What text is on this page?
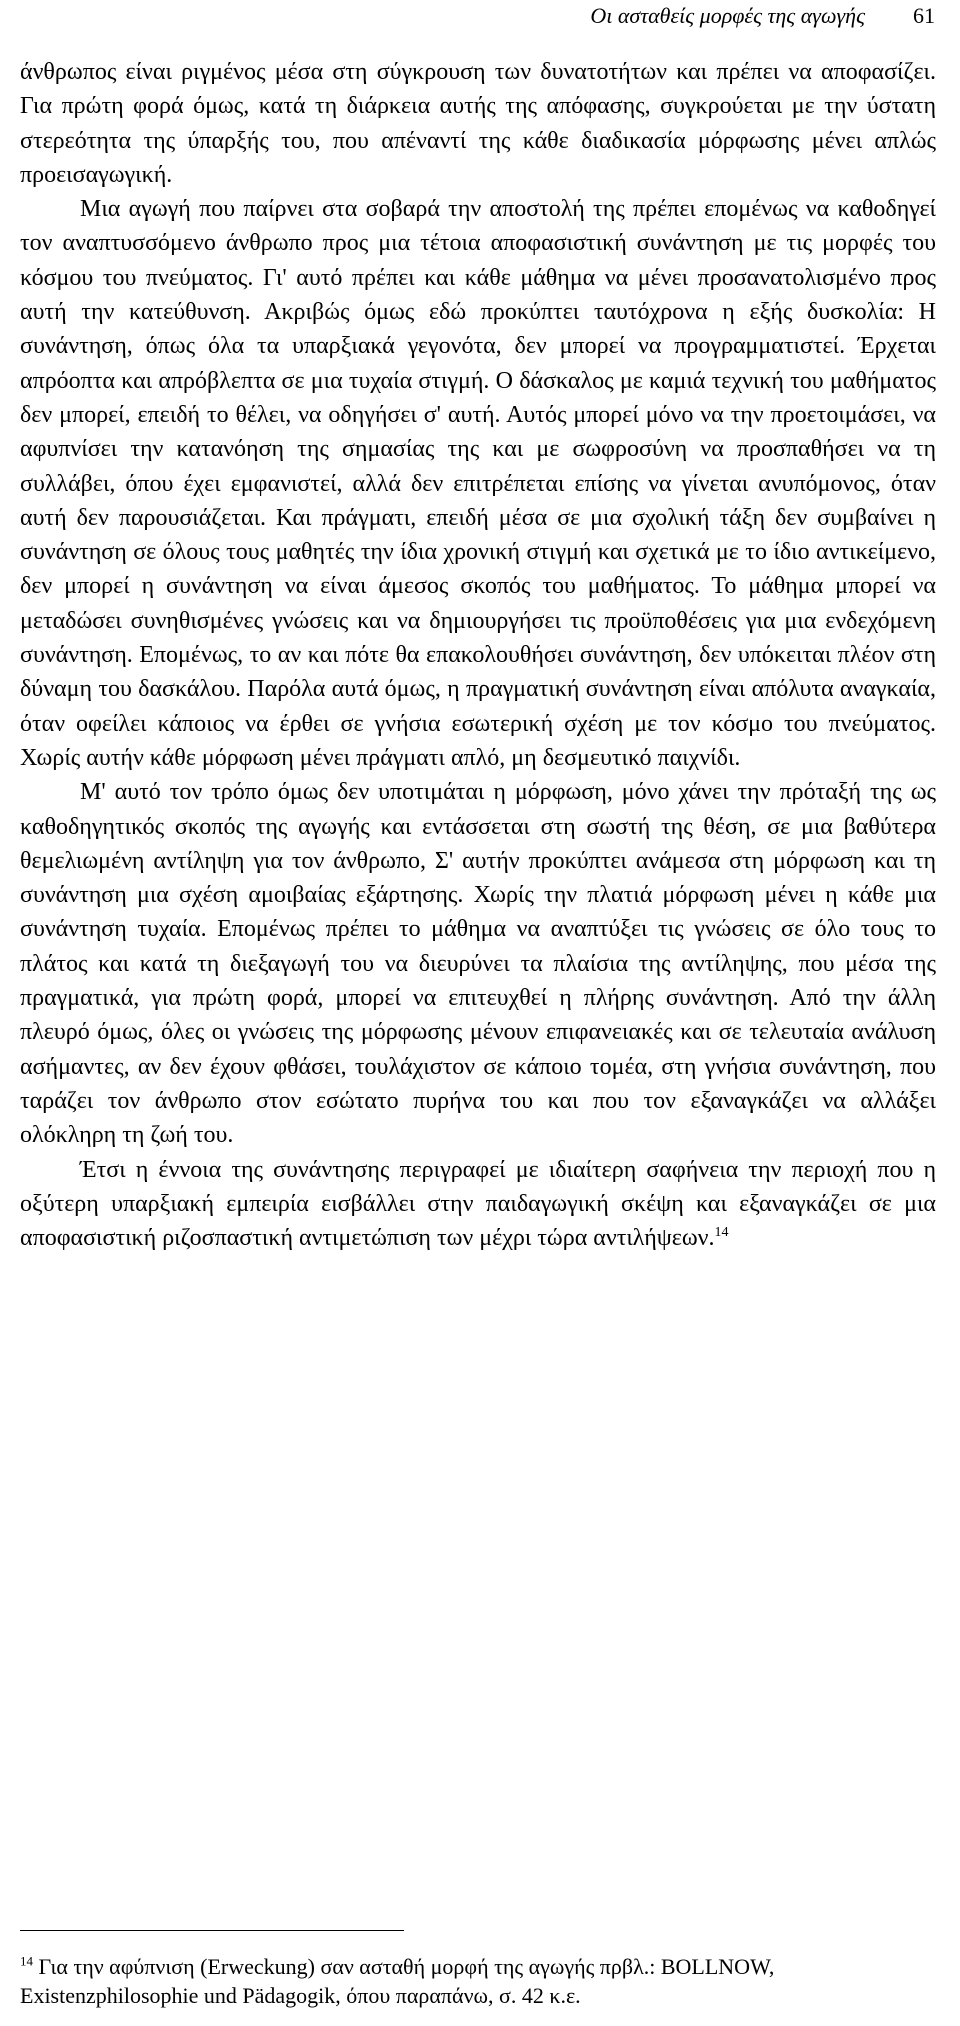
Οι ασταθείς μορφές της αγωγής 61

άνθρωπος είναι ριγμένος μέσα στη σύγκρουση των δυνατοτήτων και πρέπει να αποφασίζει. Για πρώτη φορά όμως, κατά τη διάρκεια αυτής της απόφασης, συγκρούεται με την ύστατη στερεότητα της ύπαρξής του, που απέναντί της κάθε διαδικασία μόρφωσης μένει απλώς προεισαγωγική.

Μια αγωγή που παίρνει στα σοβαρά την αποστολή της πρέπει επομένως να καθοδηγεί τον αναπτυσσόμενο άνθρωπο προς μια τέτοια αποφασιστική συνάντηση με τις μορφές του κόσμου του πνεύματος. Γι' αυτό πρέπει και κάθε μάθημα να μένει προσανατολισμένο προς αυτή την κατεύθυνση. Ακριβώς όμως εδώ προκύπτει ταυτόχρονα η εξής δυσκολία: Η συνάντηση, όπως όλα τα υπαρξιακά γεγονότα, δεν μπορεί να προγραμματιστεί. Έρχεται απρόοπτα και απρόβλεπτα σε μια τυχαία στιγμή. Ο δάσκαλος με καμιά τεχνική του μαθήματος δεν μπορεί, επειδή το θέλει, να οδηγήσει σ' αυτή. Αυτός μπορεί μόνο να την προετοιμάσει, να αφυπνίσει την κατανόηση της σημασίας της και με σωφροσύνη να προσπαθήσει να τη συλλάβει, όπου έχει εμφανιστεί, αλλά δεν επιτρέπεται επίσης να γίνεται ανυπόμονος, όταν αυτή δεν παρουσιάζεται. Και πράγματι, επειδή μέσα σε μια σχολική τάξη δεν συμβαίνει η συνάντηση σε όλους τους μαθητές την ίδια χρονική στιγμή και σχετικά με το ίδιο αντικείμενο, δεν μπορεί η συνάντηση να είναι άμεσος σκοπός του μαθήματος. Το μάθημα μπορεί να μεταδώσει συνηθισμένες γνώσεις και να δημιουργήσει τις προϋποθέσεις για μια ενδεχόμενη συνάντηση. Επομένως, το αν και πότε θα επακολουθήσει συνάντηση, δεν υπόκειται πλέον στη δύναμη του δασκάλου. Παρόλα αυτά όμως, η πραγματική συνάντηση είναι απόλυτα αναγκαία, όταν οφείλει κάποιος να έρθει σε γνήσια εσωτερική σχέση με τον κόσμο του πνεύματος. Χωρίς αυτήν κάθε μόρφωση μένει πράγματι απλό, μη δεσμευτικό παιχνίδι.

Μ' αυτό τον τρόπο όμως δεν υποτιμάται η μόρφωση, μόνο χάνει την πρόταξή της ως καθοδηγητικός σκοπός της αγωγής και εντάσσεται στη σωστή της θέση, σε μια βαθύτερα θεμελιωμένη αντίληψη για τον άνθρωπο, Σ' αυτήν προκύπτει ανάμεσα στη μόρφωση και τη συνάντηση μια σχέση αμοιβαίας εξάρτησης. Χωρίς την πλατιά μόρφωση μένει η κάθε μια συνάντηση τυχαία. Επομένως πρέπει το μάθημα να αναπτύξει τις γνώσεις σε όλο τους το πλάτος και κατά τη διεξαγωγή του να διευρύνει τα πλαίσια της αντίληψης, που μέσα της πραγματικά, για πρώτη φορά, μπορεί να επιτευχθεί η πλήρης συνάντηση. Από την άλλη πλευρό όμως, όλες οι γνώσεις της μόρφωσης μένουν επιφανειακές και σε τελευταία ανάλυση ασήμαντες, αν δεν έχουν φθάσει, τουλάχιστον σε κάποιο τομέα, στη γνήσια συνάντηση, που ταράζει τον άνθρωπο στον εσώτατο πυρήνα του και που τον εξαναγκάζει να αλλάξει ολόκληρη τη ζωή του.

Έτσι η έννοια της συνάντησης περιγραφεί με ιδιαίτερη σαφήνεια την περιοχή που η οξύτερη υπαρξιακή εμπειρία εισβάλλει στην παιδαγωγική σκέψη και εξαναγκάζει σε μια αποφασιστική ριζοσπαστική αντιμετώπιση των μέχρι τώρα αντιλήψεων.$^{14}$

$^{14}$ Για την αφύπνιση (Erweckung) σαν ασταθή μορφή της αγωγής πρβλ.: BOLLNOW, Existenzphilosophie und Pädagogik, όπου παραπάνω, σ. 42 κ.ε.
